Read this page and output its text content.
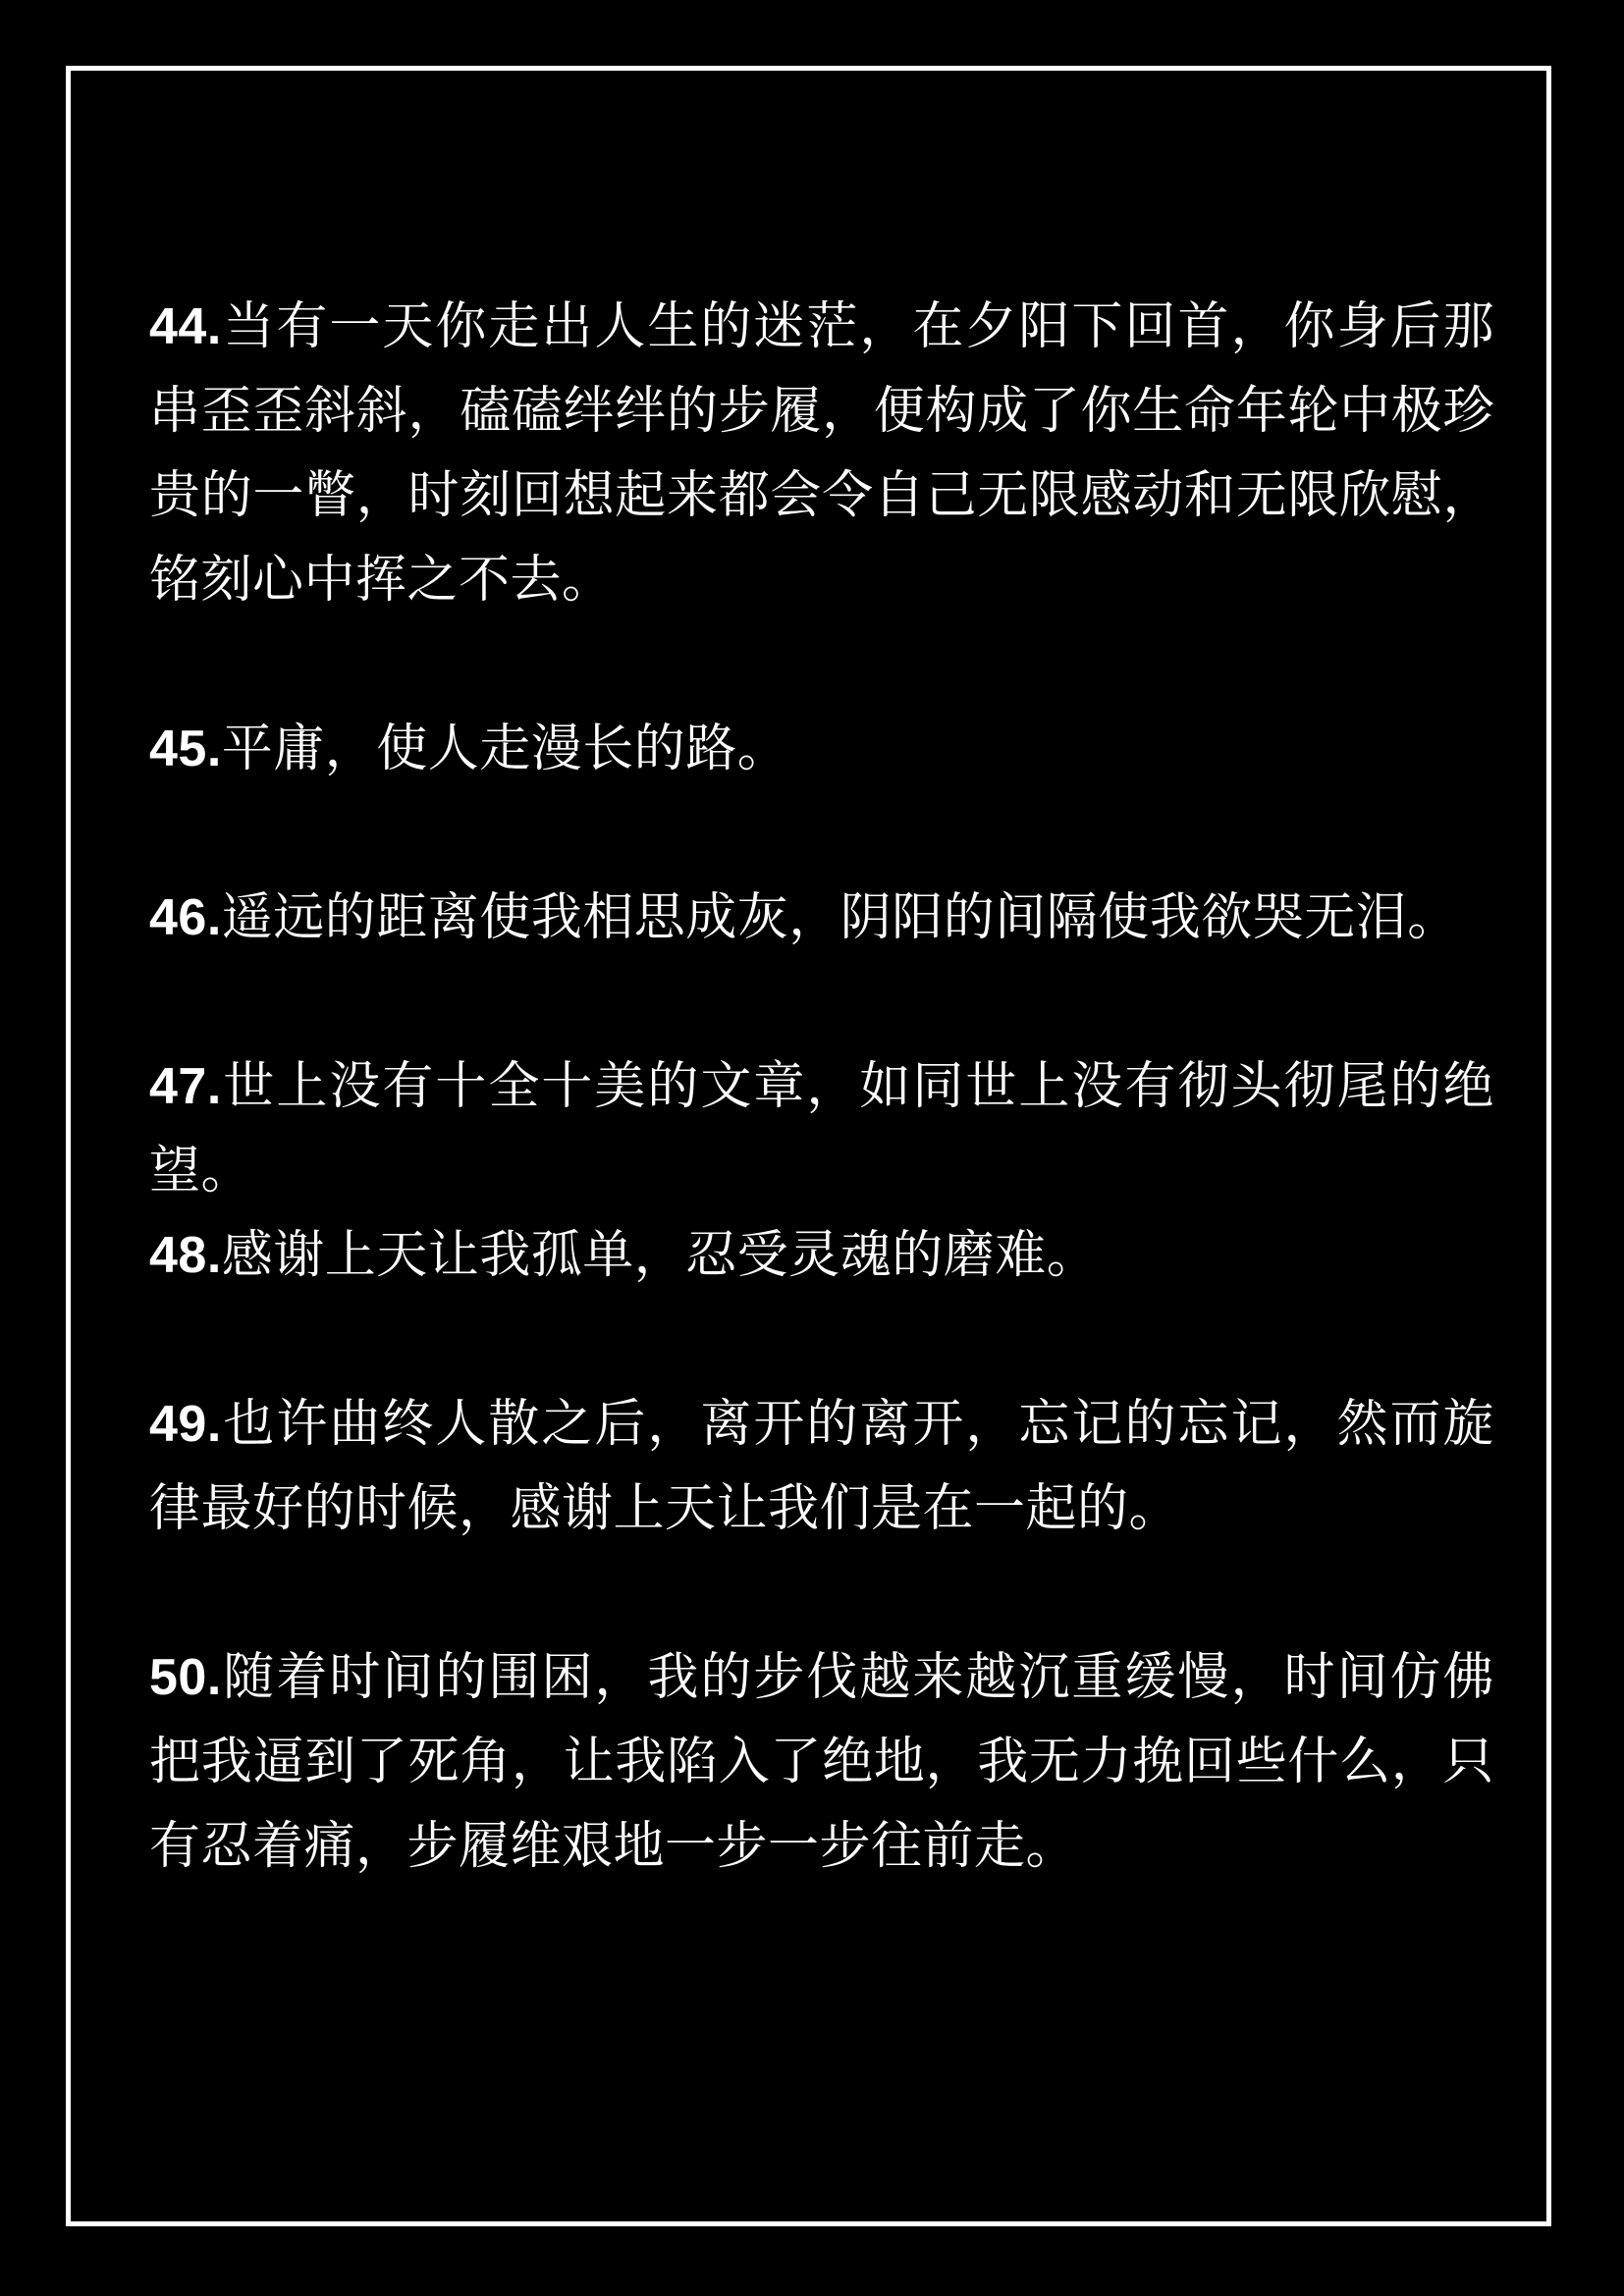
44.当有一天你走出人生的迷茫，在夕阳下回首，你身后那串歪歪斜斜，磕磕绊绊的步履，便构成了你生命年轮中极珍贵的一瞥，时刻回想起来都会令自己无限感动和无限欣慰，铭刻心中挥之不去。

45.平庸，使人走漫长的路。

46.遥远的距离使我相思成灰，阴阳的间隔使我欲哭无泪。

47.世上没有十全十美的文章，如同世上没有彻头彻尾的绝望。

48.感谢上天让我孤单，忍受灵魂的磨难。

49.也许曲终人散之后，离开的离开，忘记的忘记，然而旋律最好的时候，感谢上天让我们是在一起的。

50.随着时间的围困，我的步伐越来越沉重缓慢，时间仿佛把我逼到了死角，让我陷入了绝地，我无力挽回些什么，只有忍着痛，步履维艰地一步一步往前走。
